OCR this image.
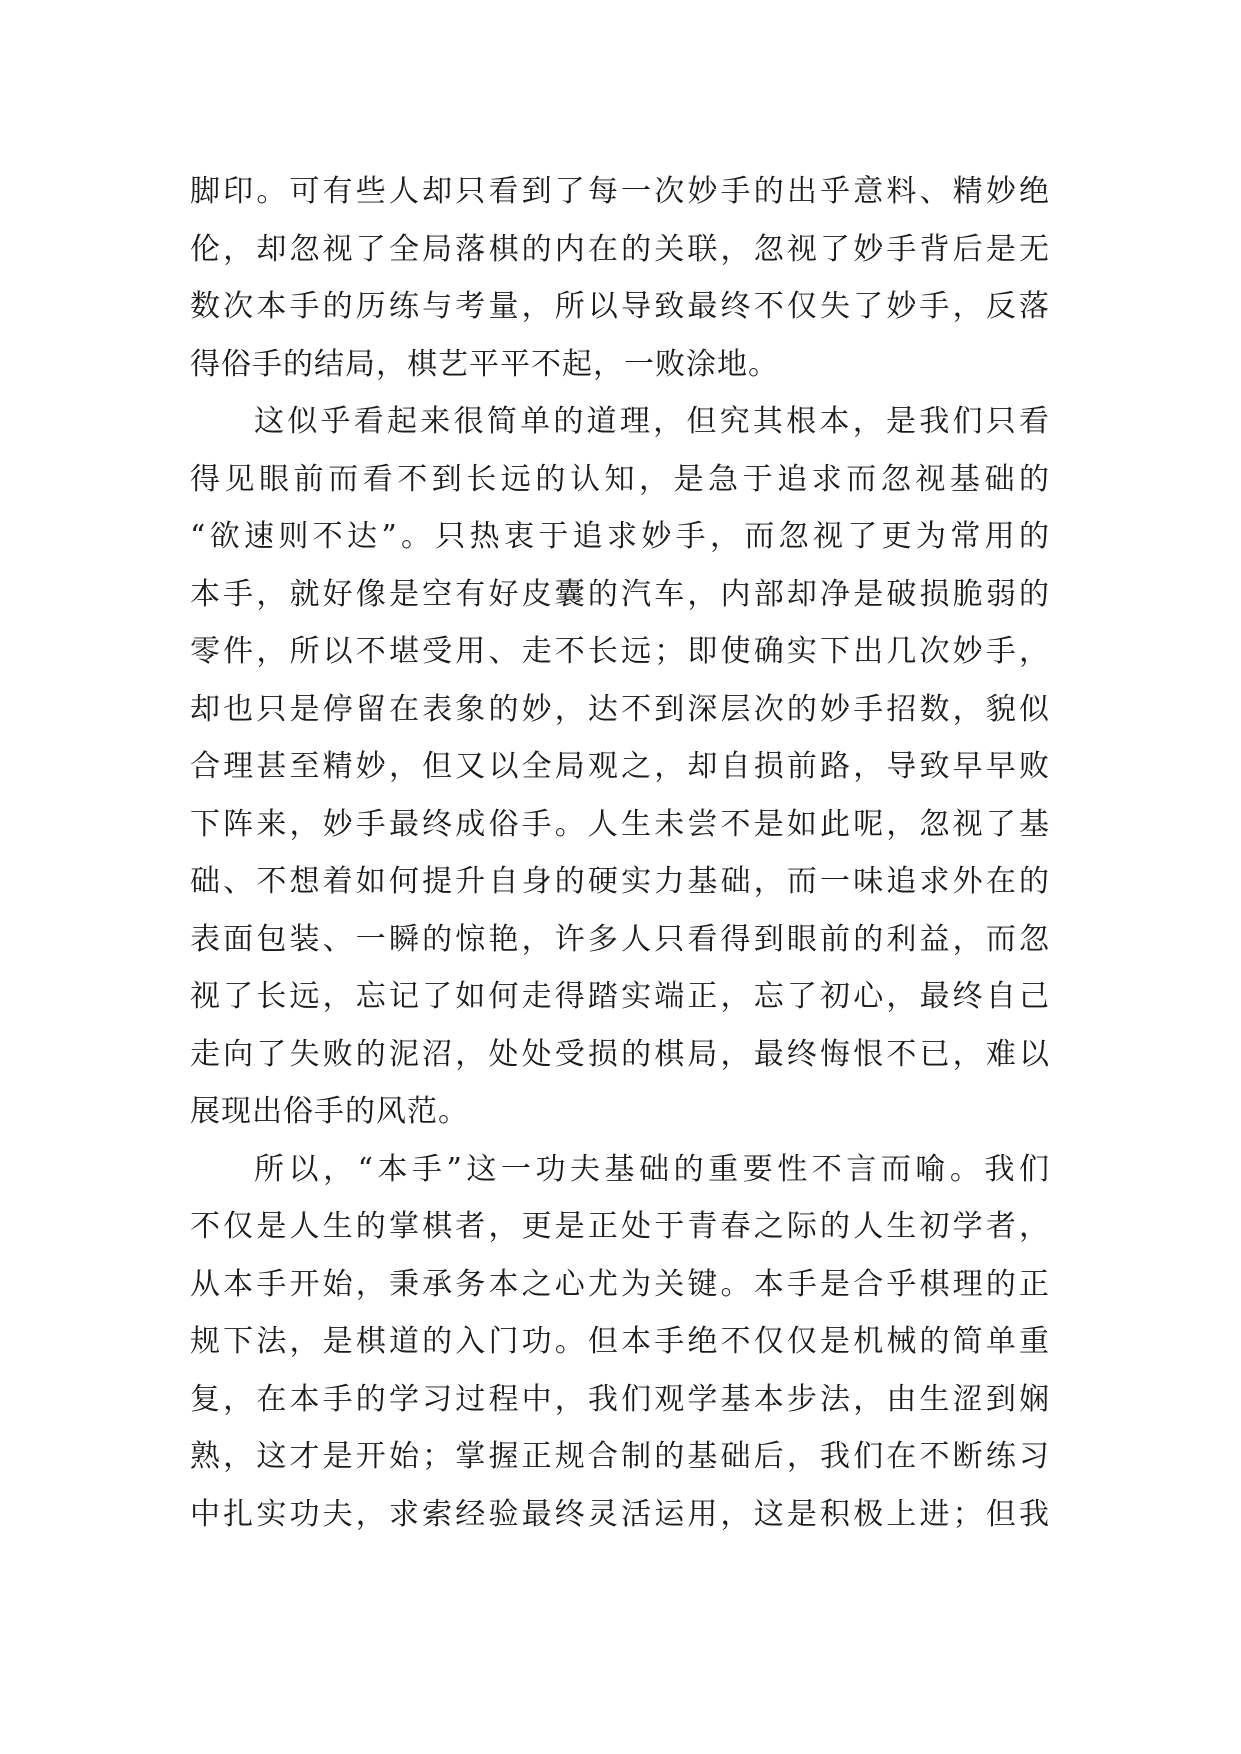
脚印。可有些人却只看到了每一次妙手的出乎意料、精妙绝
伦，却忽视了全局落棋的内在的关联，忽视了妙手背后是无
数次本手的历练与考量，所以导致最终不仅失了妙手，反落
得俗手的结局，棋艺平平不起，一败涂地。
这似乎看起来很简单的道理，但究其根本，是我们只看
得见眼前而看不到长远的认知，是急于追求而忽视基础的
“欲速则不达”。只热衷于追求妙手，而忽视了更为常用的
本手，就好像是空有好皮囊的汽车，内部却净是破损脆弱的
零件，所以不堪受用、走不长远；即使确实下出几次妙手，
却也只是停留在表象的妙，达不到深层次的妙手招数，貌似
合理甚至精妙，但又以全局观之，却自损前路，导致早早败
下阵来，妙手最终成俗手。人生未尝不是如此呢，忽视了基
础、不想着如何提升自身的硬实力基础，而一味追求外在的
表面包装、一瞬的惊艳，许多人只看得到眼前的利益，而忽
视了长远，忘记了如何走得踏实端正，忘了初心，最终自己
走向了失败的泥沼，处处受损的棋局，最终悔恨不已，难以
展现出俗手的风范。
所以，“本手”这一功夫基础的重要性不言而喻。我们
不仅是人生的掌棋者，更是正处于青春之际的人生初学者，
从本手开始，秉承务本之心尤为关键。本手是合乎棋理的正
规下法，是棋道的入门功。但本手绝不仅仅是机械的简单重
复，在本手的学习过程中，我们观学基本步法，由生涩到娴
熟，这才是开始；掌握正规合制的基础后，我们在不断练习
中扎实功夫，求索经验最终灵活运用，这是积极上进；但我
